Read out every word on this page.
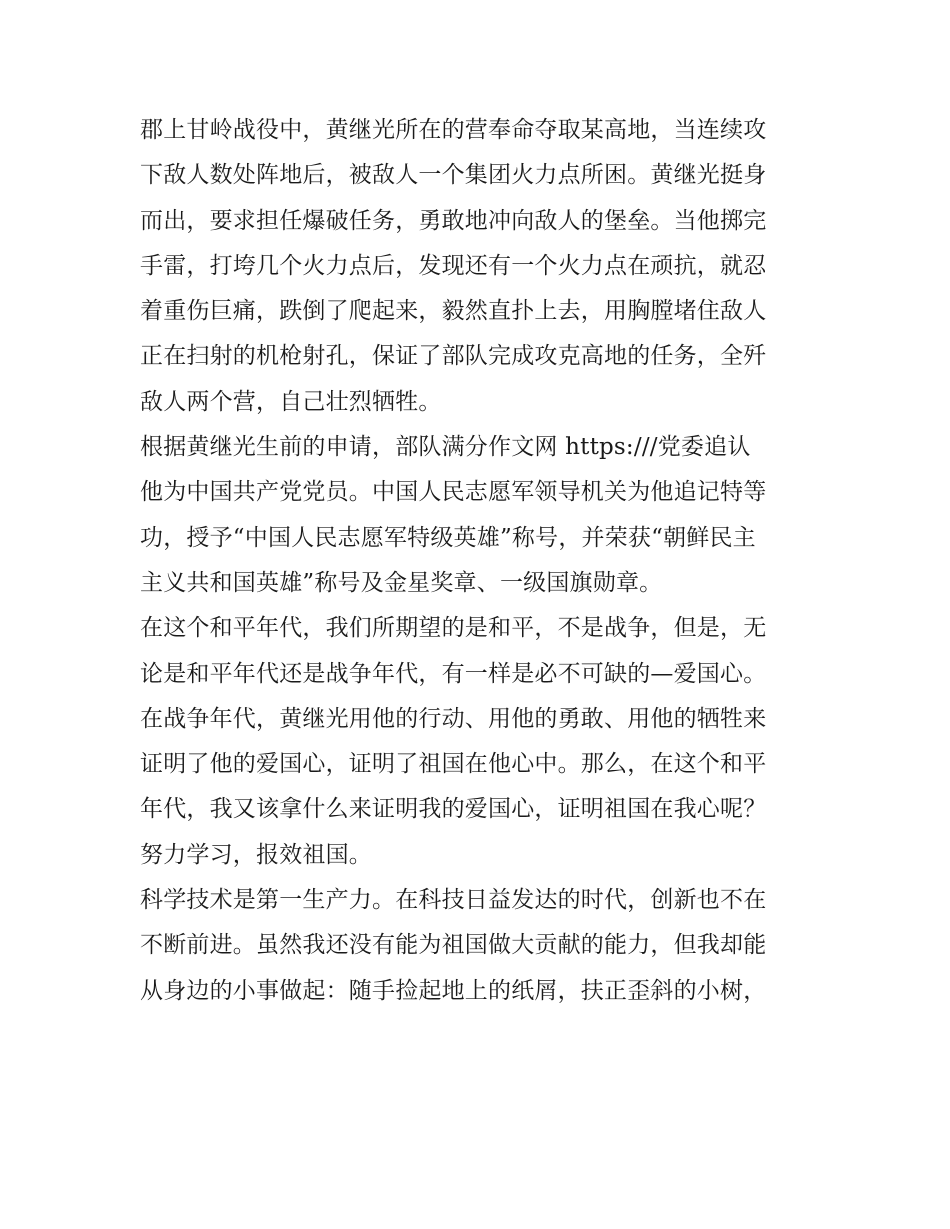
郡上甘岭战役中，黄继光所在的营奉命夺取某高地，当连续攻
下敌人数处阵地后，被敌人一个集团火力点所困。黄继光挺身
而出，要求担任爆破任务，勇敢地冲向敌人的堡垒。当他掷完
手雷，打垮几个火力点后，发现还有一个火力点在顽抗，就忍
着重伤巨痛，跌倒了爬起来，毅然直扑上去，用胸膛堵住敌人
正在扫射的机枪射孔，保证了部队完成攻克高地的任务，全歼
敌人两个营，自己壮烈牺牲。

根据黄继光生前的申请，部队满分作文网 https:///党委追认
他为中国共产党党员。中国人民志愿军领导机关为他追记特等
功，授予“中国人民志愿军特级英雄”称号，并荣获“朝鲜民主
主义共和国英雄”称号及金星奖章、一级国旗勋章。

在这个和平年代，我们所期望的是和平，不是战争，但是，无
论是和平年代还是战争年代，有一样是必不可缺的—爱国心。
在战争年代，黄继光用他的行动、用他的勇敢、用他的牺牲来
证明了他的爱国心，证明了祖国在他心中。那么，在这个和平
年代，我又该拿什么来证明我的爱国心，证明祖国在我心呢？
努力学习，报效祖国。

科学技术是第一生产力。在科技日益发达的时代，创新也不在
不断前进。虽然我还没有能为祖国做大贡献的能力，但我却能
从身边的小事做起：随手捡起地上的纸屑，扶正歪斜的小树，
